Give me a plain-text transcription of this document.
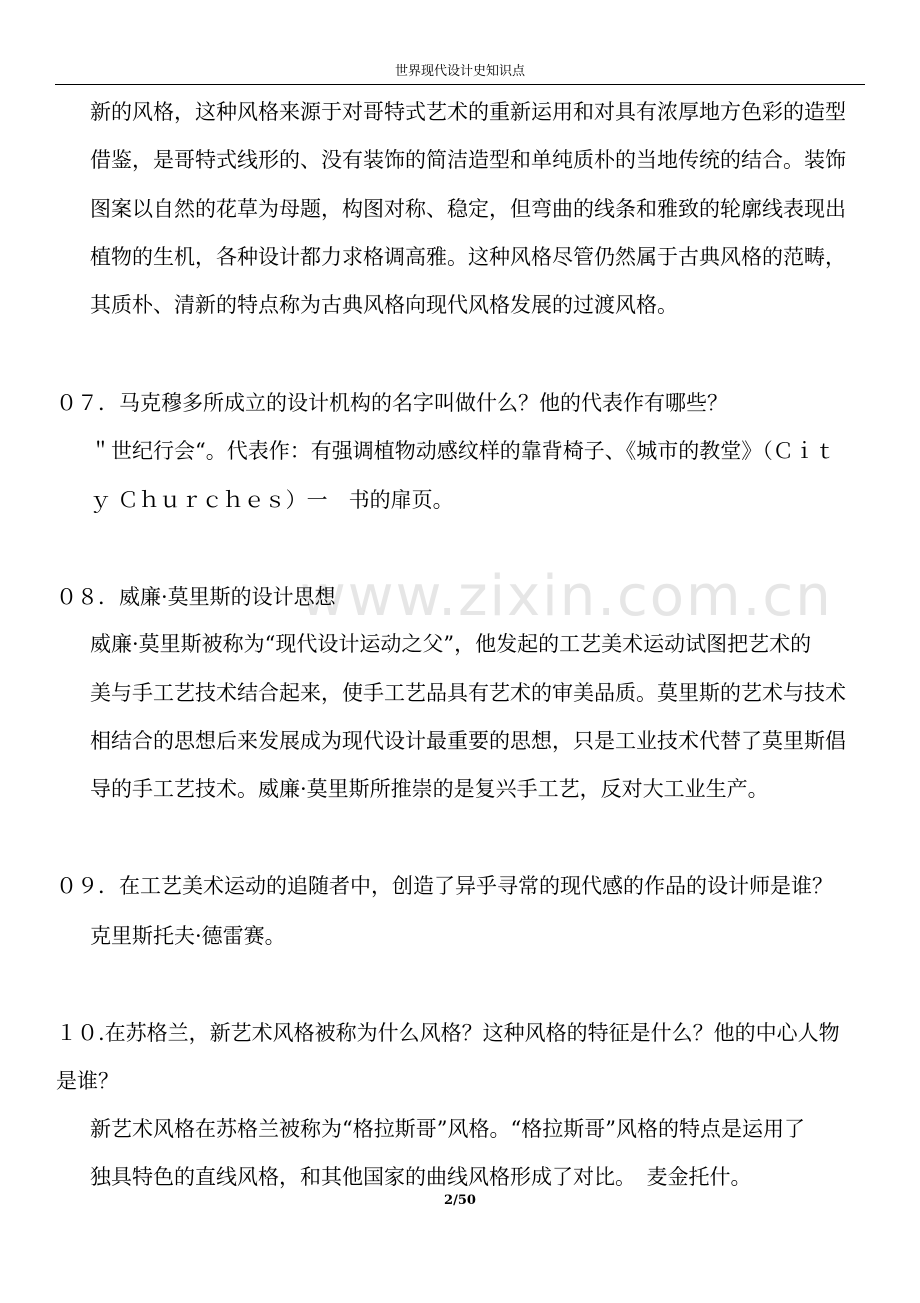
世界现代设计史知识点
www.zixin.com.cn
新的风格，这种风格来源于对哥特式艺术的重新运用和对具有浓厚地方色彩的造型
借鉴，是哥特式线形的、没有装饰的简洁造型和单纯质朴的当地传统的结合。装饰
图案以自然的花草为母题，构图对称、稳定，但弯曲的线条和雅致的轮廓线表现出
植物的生机，各种设计都力求格调高雅。这种风格尽管仍然属于古典风格的范畴，
其质朴、清新的特点称为古典风格向现代风格发展的过渡风格。
０７．马克穆多所成立的设计机构的名字叫做什么？他的代表作有哪些？
＂世纪行会“。代表作：有强调植物动感纹样的靠背椅子、《城市的教堂》（Ｃｉｔ
ｙ Ｃｈｕｒｃｈｅｓ）一　书的扉页。
０８．威廉·莫里斯的设计思想
威廉·莫里斯被称为“现代设计运动之父”，他发起的工艺美术运动试图把艺术的
美与手工艺技术结合起来，使手工艺品具有艺术的审美品质。莫里斯的艺术与技术
相结合的思想后来发展成为现代设计最重要的思想，只是工业技术代替了莫里斯倡
导的手工艺技术。威廉·莫里斯所推崇的是复兴手工艺，反对大工业生产。
０９．在工艺美术运动的追随者中，创造了异乎寻常的现代感的作品的设计师是谁？
克里斯托夫·德雷赛。
１０.在苏格兰，新艺术风格被称为什么风格？这种风格的特征是什么？他的中心人物
是谁？
新艺术风格在苏格兰被称为“格拉斯哥”风格。“格拉斯哥”风格的特点是运用了
独具特色的直线风格，和其他国家的曲线风格形成了对比。　麦金托什。
2/50
